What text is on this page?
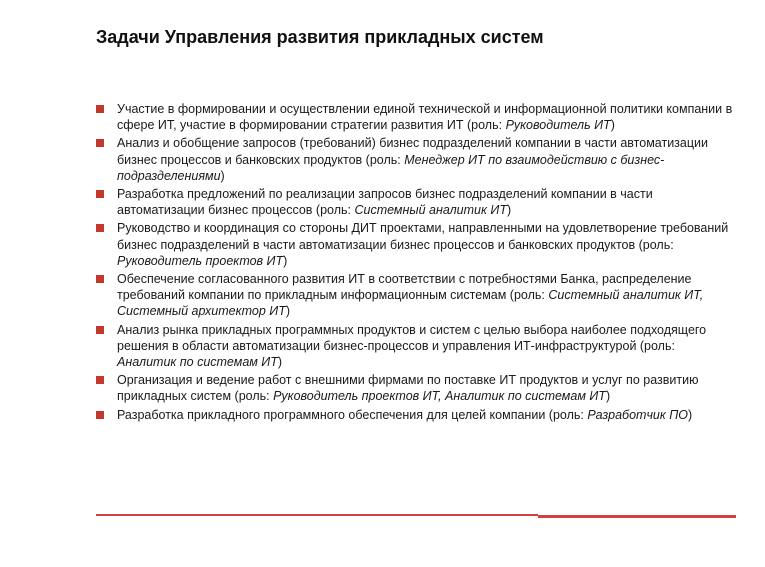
Задачи Управления развития прикладных систем
Участие в формировании и осуществлении единой технической и информационной политики компании в сфере ИТ, участие в формировании стратегии развития ИТ (роль: Руководитель ИТ)
Анализ и обобщение запросов (требований) бизнес подразделений компании в части автоматизации бизнес процессов и банковских продуктов (роль: Менеджер ИТ по взаимодействию с бизнес-подразделениями)
Разработка предложений по реализации запросов бизнес подразделений компании в части автоматизации бизнес процессов (роль: Системный аналитик ИТ)
Руководство и координация со стороны ДИТ проектами, направленными на удовлетворение требований бизнес подразделений в части автоматизации бизнес процессов и банковских продуктов (роль: Руководитель проектов ИТ)
Обеспечение согласованного развития ИТ в соответствии с потребностями Банка, распределение требований компании по прикладным информационным системам (роль: Системный аналитик ИТ, Системный архитектор ИТ)
Анализ рынка прикладных программных продуктов и систем с целью выбора наиболее подходящего решения в области автоматизации бизнес-процессов и управления ИТ-инфраструктурой (роль: Аналитик по системам ИТ)
Организация и ведение работ с внешними фирмами по поставке ИТ продуктов и услуг по развитию прикладных систем (роль: Руководитель проектов ИТ, Аналитик по системам ИТ)
Разработка прикладного программного обеспечения для целей компании (роль: Разработчик ПО)
